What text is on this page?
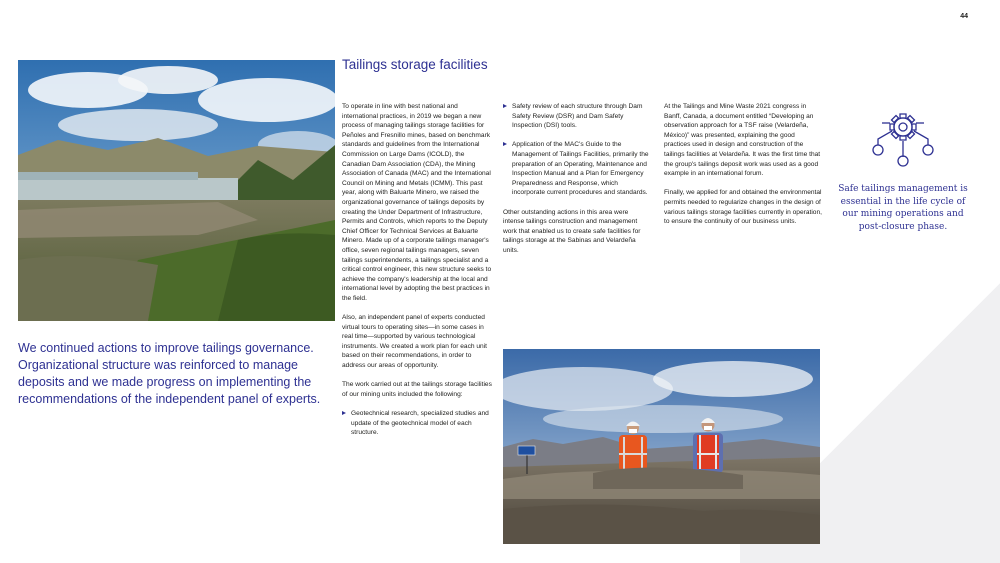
44
We continued actions to improve tailings governance. Organizational structure was reinforced to manage deposits and we made progress on implementing the recommendations of the independent panel of experts.
Tailings storage facilities

To operate in line with best national and international practices, in 2019 we began a new process of managing tailings storage facilities for Peñoles and Fresnillo mines, based on benchmark standards and guidelines from the International Commission on Large Dams (ICOLD), the Canadian Dam Association (CDA), the Mining Association of Canada (MAC) and the International Council on Mining and Metals (ICMM). This past year, along with Baluarte Minero, we raised the organizational governance of tailings deposits by creating the Under Department of Infrastructure, Permits and Controls, which reports to the Deputy Chief Officer for Technical Services at Baluarte Minero. Made up of a corporate tailings manager's office, seven regional tailings managers, seven tailings superintendents, a tailings specialist and a critical control engineer, this new structure seeks to achieve the company's leadership at the local and international level by adopting the best practices in the field.

Also, an independent panel of experts conducted virtual tours to operating sites—in some cases in real time—supported by various technological instruments. We created a work plan for each unit based on their recommendations, in order to address our areas of opportunity.

The work carried out at the tailings storage facilities of our mining units included the following:

Geotechnical research, specialized studies and update of the geotechnical model of each structure.
Safety review of each structure through Dam Safety Review (DSR) and Dam Safety Inspection (DSI) tools.
Application of the MAC's Guide to the Management of Tailings Facilities, primarily the preparation of an Operating, Maintenance and Inspection Manual and a Plan for Emergency Preparedness and Response, which incorporate current procedures and standards.

Other outstanding actions in this area were intense tailings construction and management work that enabled us to create safe facilities for tailings storage at the Sabinas and Velardeña units.

At the Tailings and Mine Waste 2021 congress in Banff, Canada, a document entitled “Developing an observation approach for a TSF raise (Velardeña, México)” was presented, explaining the good practices used in design and construction of the tailings facilities at Velardeña. It was the first time that the group's tailings deposit work was used as a good example in an international forum.

Finally, we applied for and obtained the environmental permits needed to regularize changes in the design of various tailings storage facilities currently in operation, to ensure the continuity of our business units.

Safe tailings management is essential in the life cycle of our mining operations and post-closure phase.
